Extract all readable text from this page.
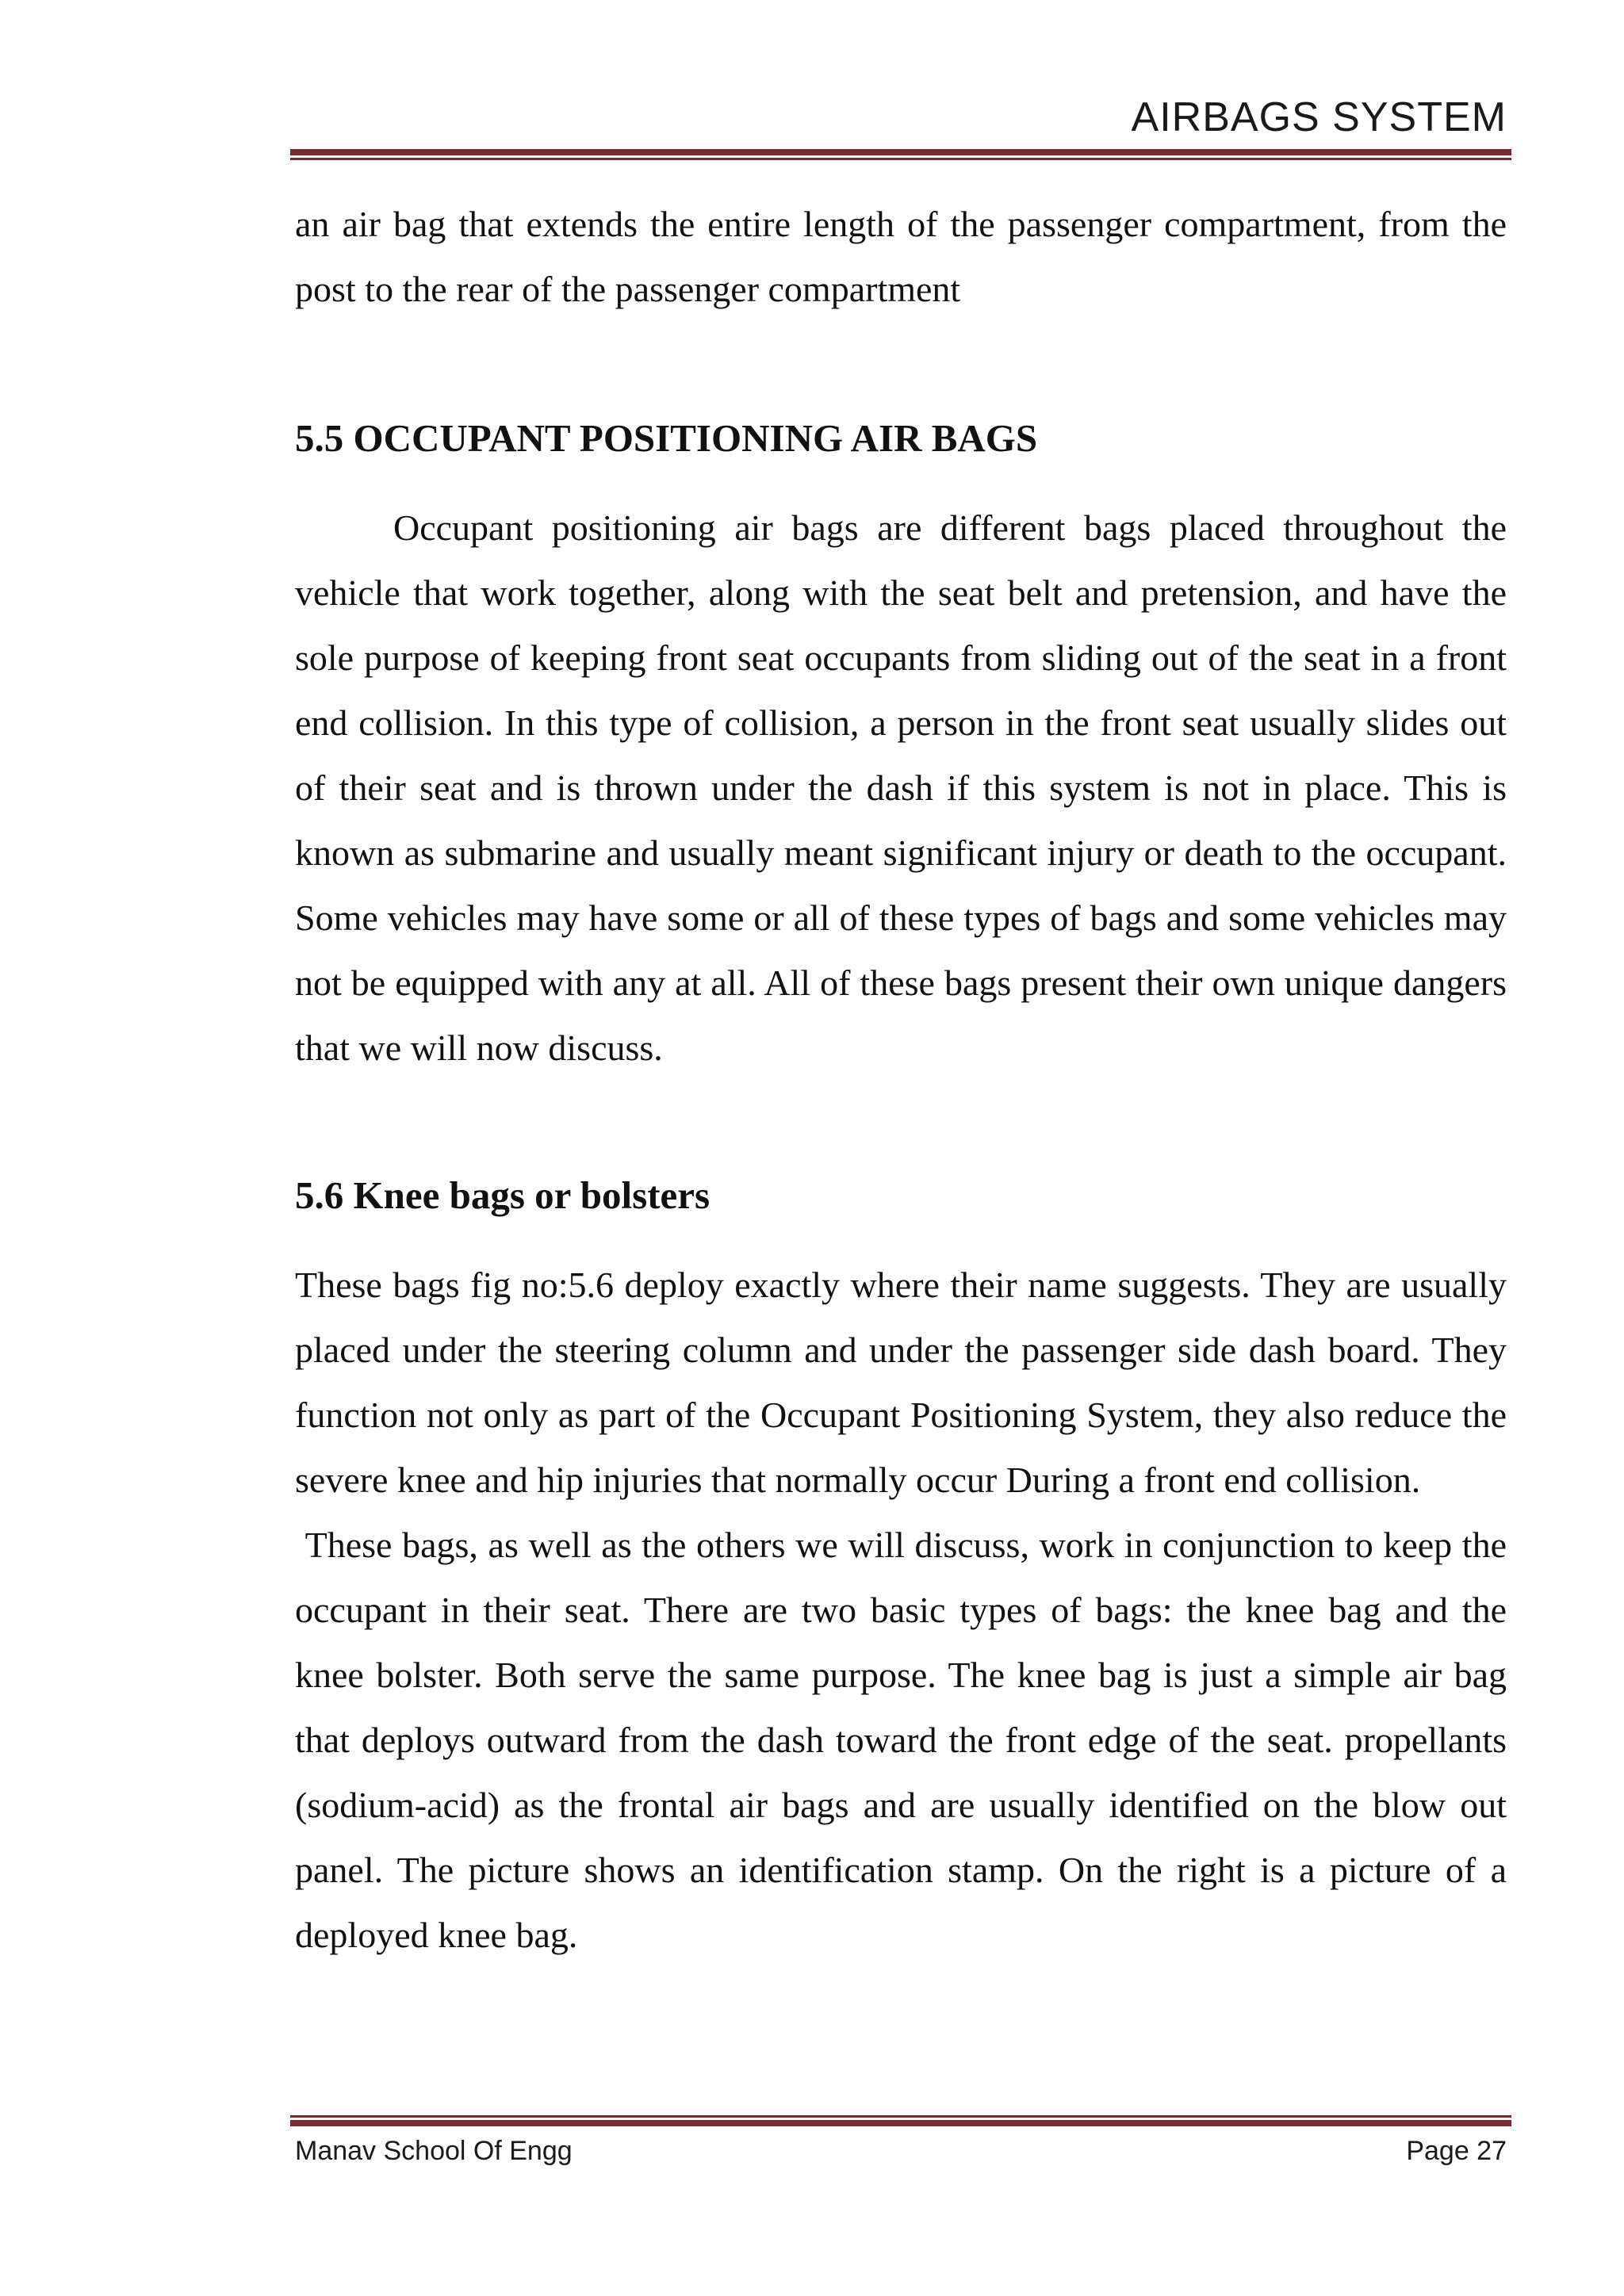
AIRBAGS SYSTEM

an air bag that extends the entire length of the passenger compartment, from the post to the rear of the passenger compartment

5.5 OCCUPANT POSITIONING AIR BAGS

Occupant positioning air bags are different bags placed throughout the vehicle that work together, along with the seat belt and pretension, and have the sole purpose of keeping front seat occupants from sliding out of the seat in a front end collision. In this type of collision, a person in the front seat usually slides out of their seat and is thrown under the dash if this system is not in place. This is known as submarine and usually meant significant injury or death to the occupant. Some vehicles may have some or all of these types of bags and some vehicles may not be equipped with any at all. All of these bags present their own unique dangers that we will now discuss.

5.6 Knee bags or bolsters

These bags fig no:5.6 deploy exactly where their name suggests. They are usually placed under the steering column and under the passenger side dash board. They function not only as part of the Occupant Positioning System, they also reduce the severe knee and hip injuries that normally occur During a front end collision.

These bags, as well as the others we will discuss, work in conjunction to keep the occupant in their seat. There are two basic types of bags: the knee bag and the knee bolster. Both serve the same purpose. The knee bag is just a simple air bag that deploys outward from the dash toward the front edge of the seat. propellants (sodium-acid) as the frontal air bags and are usually identified on the blow out panel. The picture shows an identification stamp. On the right is a picture of a deployed knee bag.

Manav School Of Engg	Page 27
